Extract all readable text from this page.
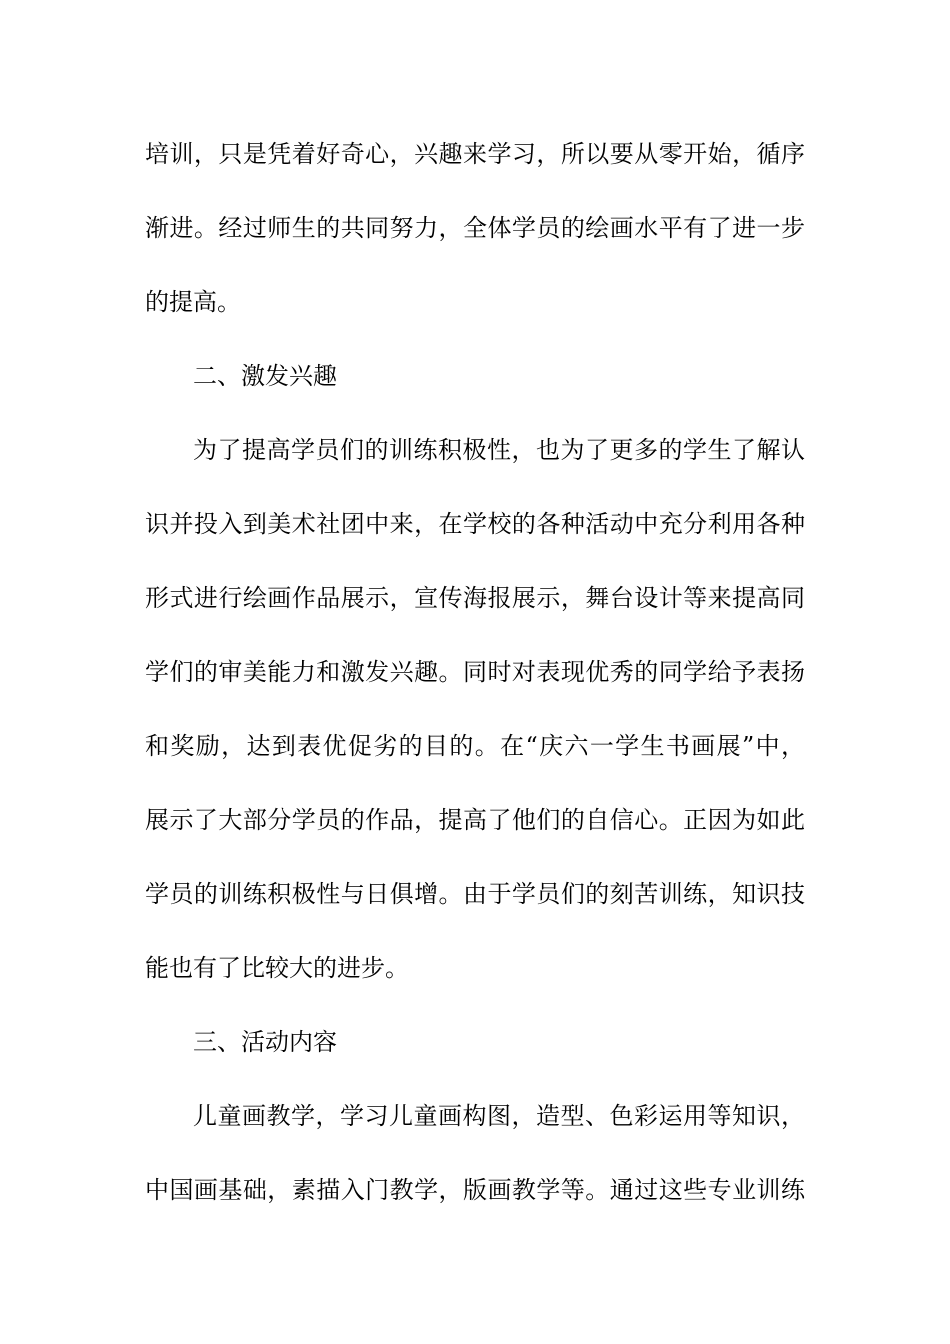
培训，只是凭着好奇心，兴趣来学习，所以要从零开始，循序
渐进。经过师生的共同努力，全体学员的绘画水平有了进一步
的提高。
二、激发兴趣
为了提高学员们的训练积极性，也为了更多的学生了解认
识并投入到美术社团中来，在学校的各种活动中充分利用各种
形式进行绘画作品展示，宣传海报展示，舞台设计等来提高同
学们的审美能力和激发兴趣。同时对表现优秀的同学给予表扬
和奖励，达到表优促劣的目的。在“庆六一学生书画展”中，
展示了大部分学员的作品，提高了他们的自信心。正因为如此
学员的训练积极性与日俱增。由于学员们的刻苦训练，知识技
能也有了比较大的进步。
三、活动内容
儿童画教学，学习儿童画构图，造型、色彩运用等知识，
中国画基础，素描入门教学，版画教学等。通过这些专业训练
